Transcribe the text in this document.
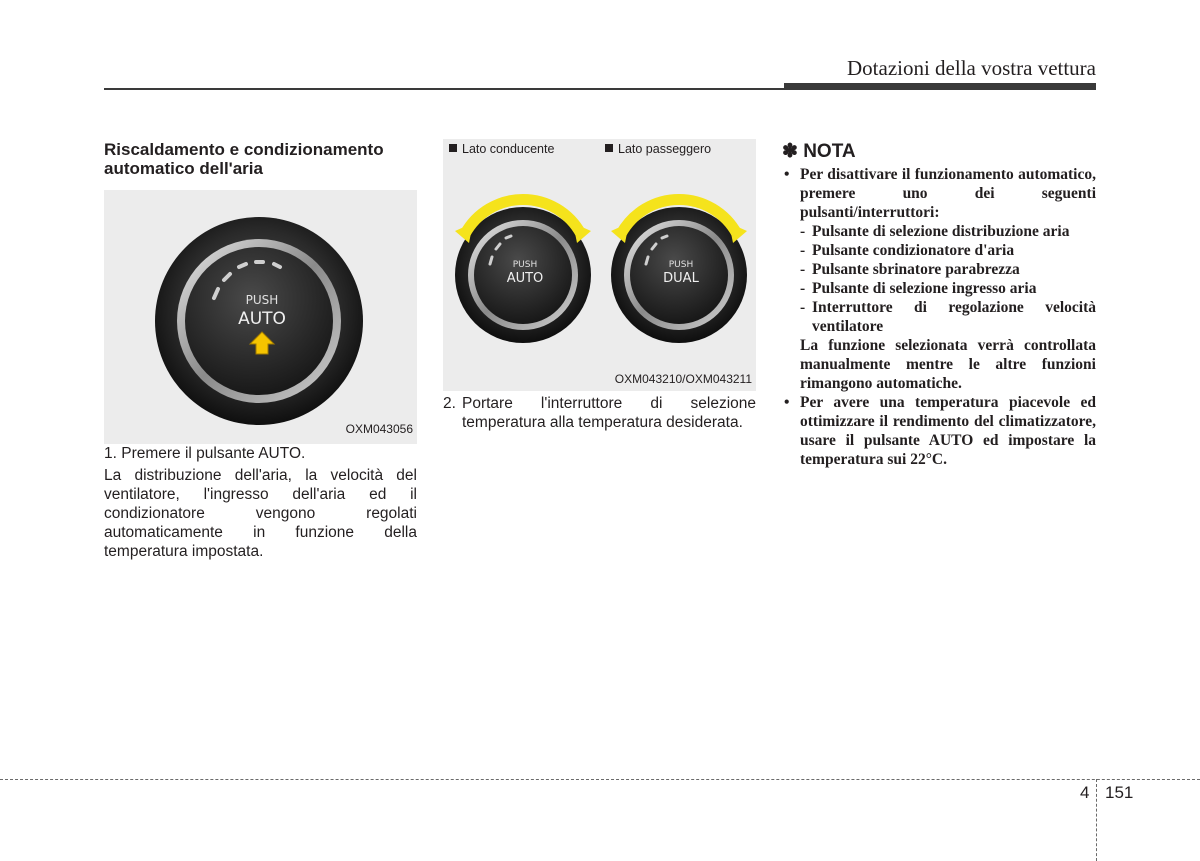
Dotazioni della vostra vettura
Riscaldamento e condizionamento automatico dell'aria
PUSH
AUTO
OXM043056
1. Premere il pulsante AUTO.
La distribuzione dell'aria, la velocità del ventilatore, l'ingresso dell'aria ed il condizionatore vengono regolati automaticamente in funzione della temperatura impostata.
Lato conducente	Lato passeggero
PUSH
AUTO
PUSH
DUAL
OXM043210/OXM043211
2. Portare l'interruttore di selezione temperatura alla temperatura desiderata.
✽ NOTA
• Per disattivare il funzionamento automatico, premere uno dei seguenti pulsanti/interruttori:
- Pulsante di selezione distribuzione aria
- Pulsante condizionatore d'aria
- Pulsante sbrinatore parabrezza
- Pulsante di selezione ingresso aria
- Interruttore di regolazione velocità ventilatore
La funzione selezionata verrà controllata manualmente mentre le altre funzioni rimangono automatiche.
• Per avere una temperatura piacevole ed ottimizzare il rendimento del climatizzatore, usare il pulsante AUTO ed impostare la temperatura sui 22°C.
4 151
